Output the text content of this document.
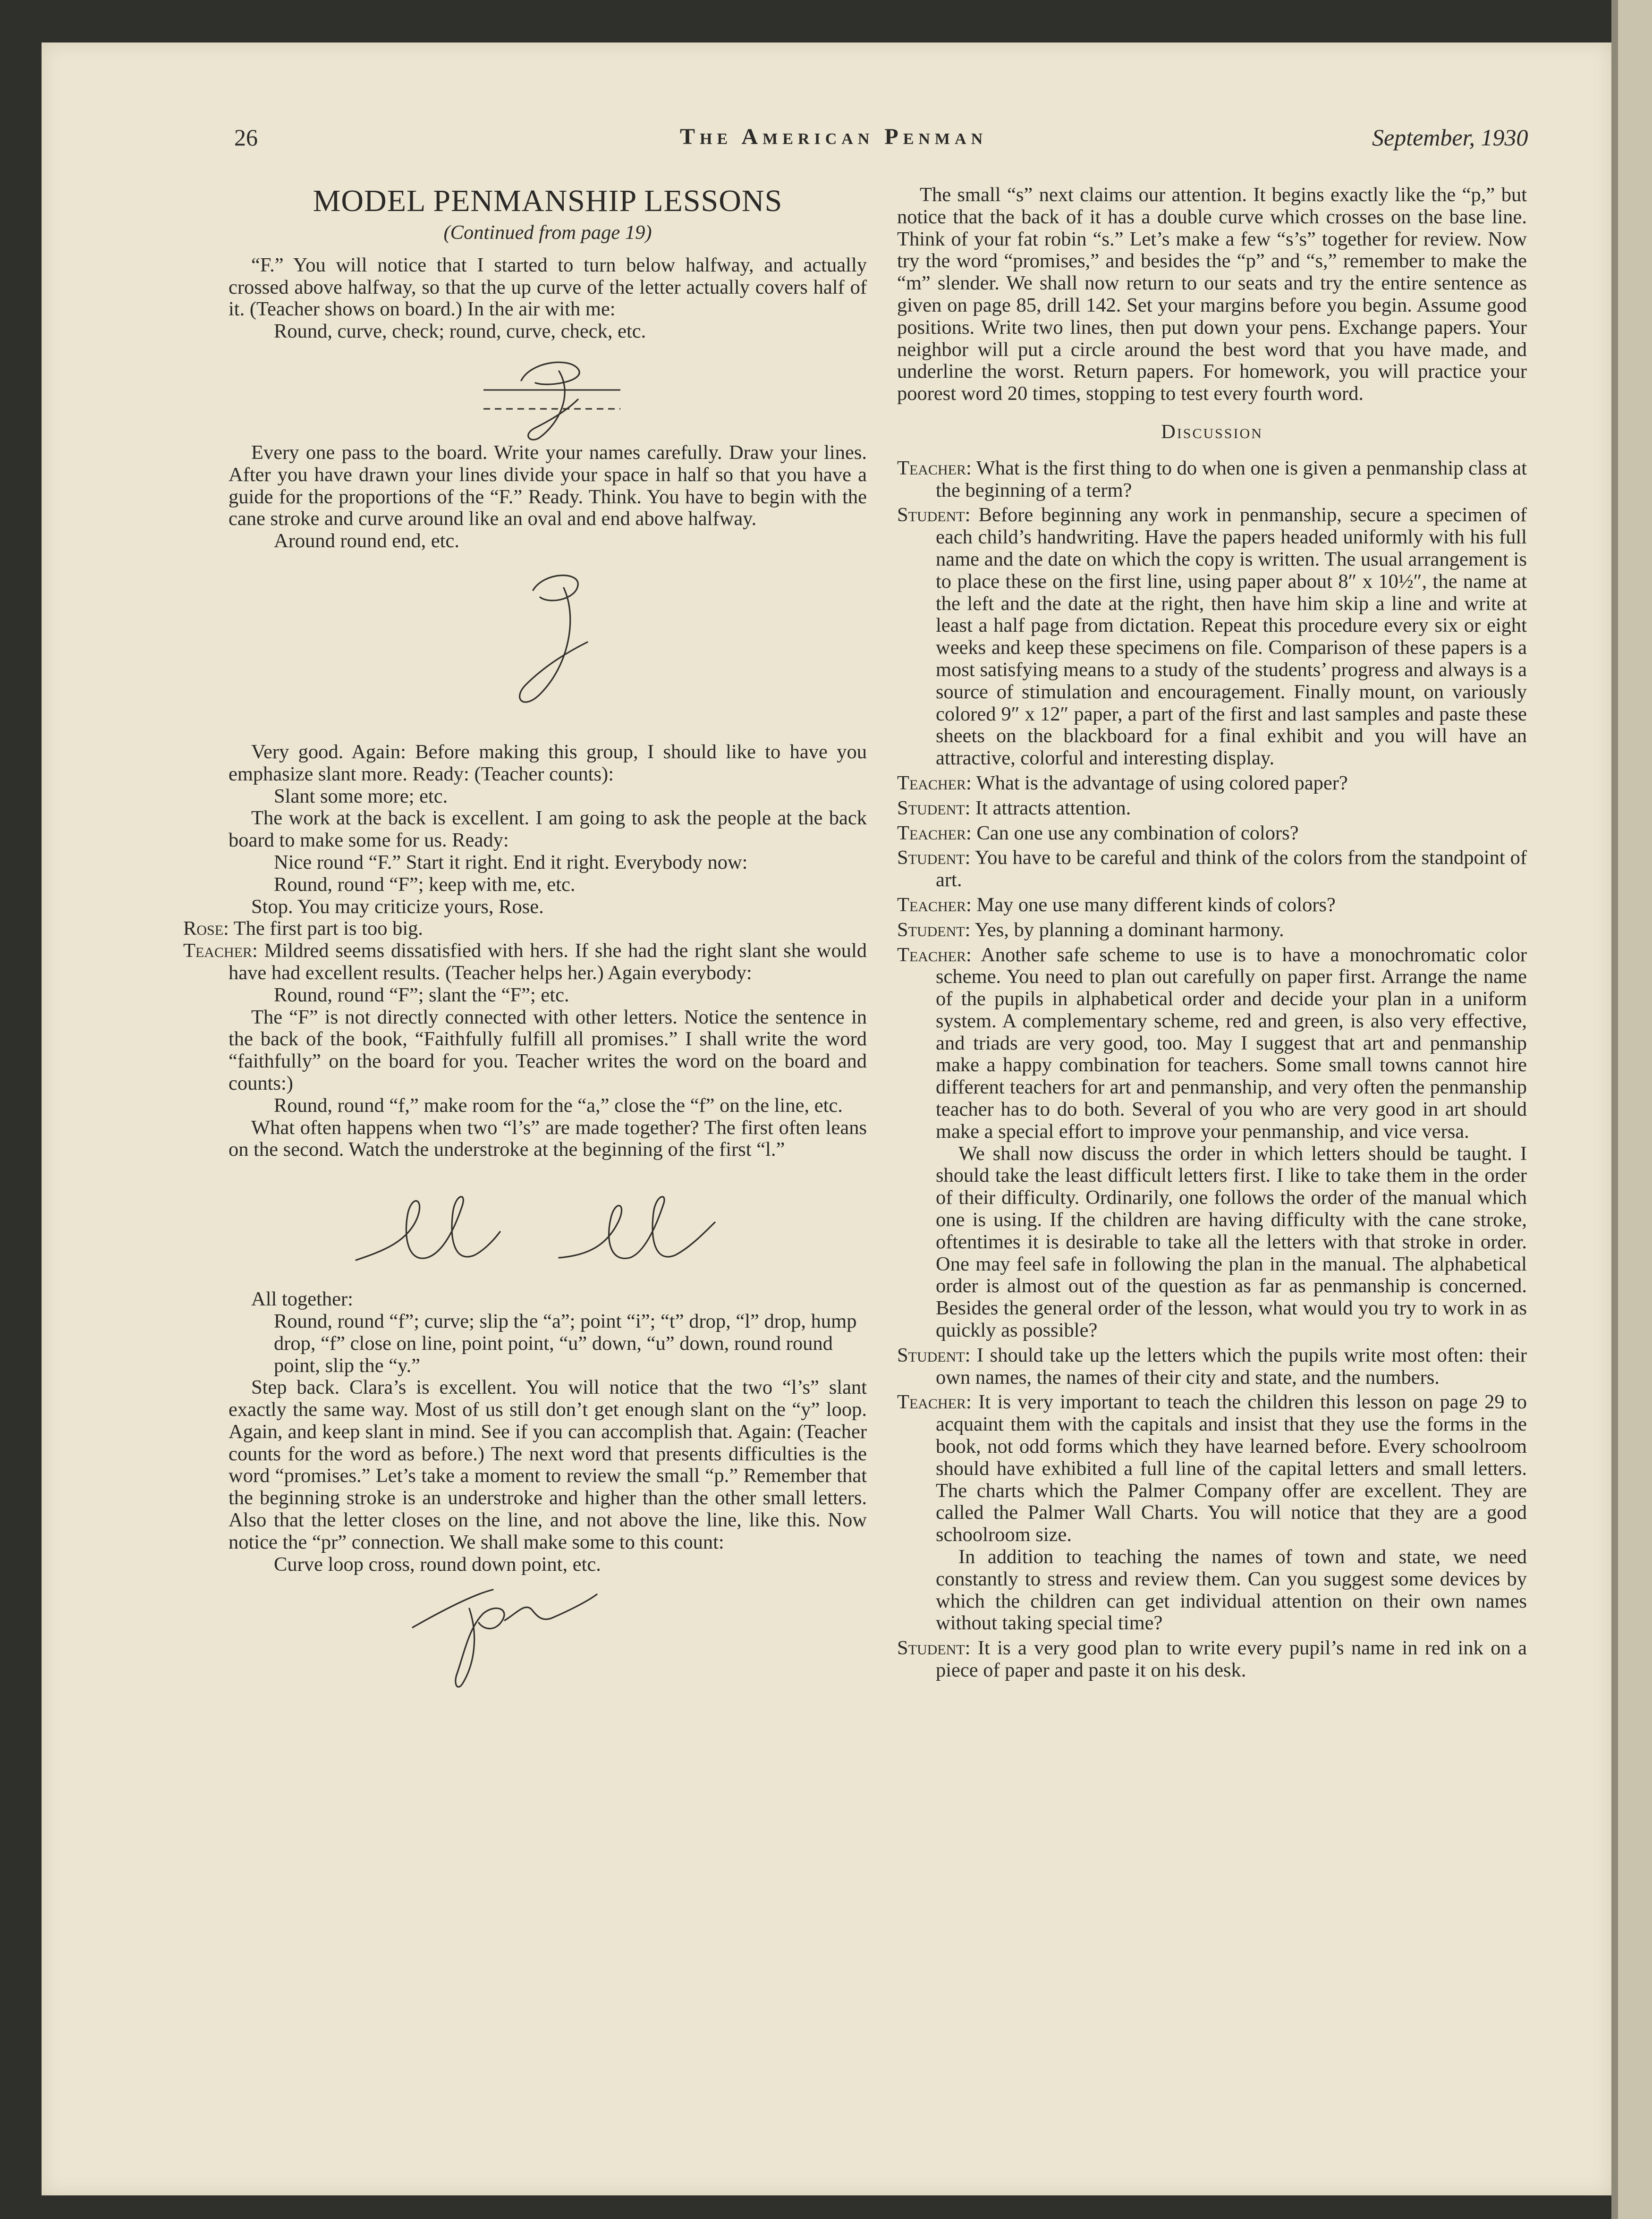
26	The American Penman	September, 1930
MODEL PENMANSHIP LESSONS
(Continued from page 19)

“F.” You will notice that I started to turn below halfway, and actually crossed above halfway, so that the up curve of the letter actually covers half of it. (Teacher shows on board.) In the air with me:

Round, curve, check; round, curve, check, etc.

Every one pass to the board. Write your names carefully. Draw your lines. After you have drawn your lines divide your space in half so that you have a guide for the proportions of the “F.” Ready. Think. You have to begin with the cane stroke and curve around like an oval and end above halfway.

Around round end, etc.

Very good. Again: Before making this group, I should like to have you emphasize slant more. Ready: (Teacher counts):

Slant some more; etc.

The work at the back is excellent. I am going to ask the people at the back board to make some for us. Ready:

Nice round “F.” Start it right. End it right. Everybody now:

Round, round “F”; keep with me, etc.

Stop. You may criticize yours, Rose.

Rose: The first part is too big.

Teacher: Mildred seems dissatisfied with hers. If she had the right slant she would have had excellent results. (Teacher helps her.) Again everybody:

Round, round “F”; slant the “F”; etc.

The “F” is not directly connected with other letters. Notice the sentence in the back of the book, “Faithfully fulfill all promises.” I shall write the word “faithfully” on the board for you. Teacher writes the word on the board and counts:)

Round, round “f,” make room for the “a,” close the “f” on the line, etc.

What often happens when two “l’s” are made together? The first often leans on the second. Watch the understroke at the beginning of the first “l.”

All together:

Round, round “f”; curve; slip the “a”; point “i”; “t” drop, “l” drop, hump drop, “f” close on line, point point, “u” down, “u” down, round round point, slip the “y.”

Step back. Clara’s is excellent. You will notice that the two “l’s” slant exactly the same way. Most of us still don’t get enough slant on the “y” loop. Again, and keep slant in mind. See if you can accomplish that. Again: (Teacher counts for the word as before.) The next word that presents difficulties is the word “promises.” Let’s take a moment to review the small “p.” Remember that the beginning stroke is an understroke and higher than the other small letters. Also that the letter closes on the line, and not above the line, like this. Now notice the “pr” connection. We shall make some to this count:

Curve loop cross, round down point, etc.

The small “s” next claims our attention. It begins exactly like the “p,” but notice that the back of it has a double curve which crosses on the base line. Think of your fat robin “s.” Let’s make a few “s’s” together for review. Now try the word “promises,” and besides the “p” and “s,” remember to make the “m” slender. We shall now return to our seats and try the entire sentence as given on page 85, drill 142. Set your margins before you begin. Assume good positions. Write two lines, then put down your pens. Exchange papers. Your neighbor will put a circle around the best word that you have made, and underline the worst. Return papers. For homework, you will practice your poorest word 20 times, stopping to test every fourth word.

Discussion

Teacher: What is the first thing to do when one is given a penmanship class at the beginning of a term?

Student: Before beginning any work in penmanship, secure a specimen of each child’s handwriting. Have the papers headed uniformly with his full name and the date on which the copy is written. The usual arrangement is to place these on the first line, using paper about 8″ x 10½″, the name at the left and the date at the right, then have him skip a line and write at least a half page from dictation. Repeat this procedure every six or eight weeks and keep these specimens on file. Comparison of these papers is a most satisfying means to a study of the students’ progress and always is a source of stimulation and encouragement. Finally mount, on variously colored 9″ x 12″ paper, a part of the first and last samples and paste these sheets on the blackboard for a final exhibit and you will have an attractive, colorful and interesting display.

Teacher: What is the advantage of using colored paper?

Student: It attracts attention.

Teacher: Can one use any combination of colors?

Student: You have to be careful and think of the colors from the standpoint of art.

Teacher: May one use many different kinds of colors?

Student: Yes, by planning a dominant harmony.

Teacher: Another safe scheme to use is to have a monochromatic color scheme. You need to plan out carefully on paper first. Arrange the name of the pupils in alphabetical order and decide your plan in a uniform system. A complementary scheme, red and green, is also very effective, and triads are very good, too. May I suggest that art and penmanship make a happy combination for teachers. Some small towns cannot hire different teachers for art and penmanship, and very often the penmanship teacher has to do both. Several of you who are very good in art should make a special effort to improve your penmanship, and vice versa.

We shall now discuss the order in which letters should be taught. I should take the least difficult letters first. I like to take them in the order of their difficulty. Ordinarily, one follows the order of the manual which one is using. If the children are having difficulty with the cane stroke, oftentimes it is desirable to take all the letters with that stroke in order. One may feel safe in following the plan in the manual. The alphabetical order is almost out of the question as far as penmanship is concerned. Besides the general order of the lesson, what would you try to work in as quickly as possible?

Student: I should take up the letters which the pupils write most often: their own names, the names of their city and state, and the numbers.

Teacher: It is very important to teach the children this lesson on page 29 to acquaint them with the capitals and insist that they use the forms in the book, not odd forms which they have learned before. Every schoolroom should have exhibited a full line of the capital letters and small letters. The charts which the Palmer Company offer are excellent. They are called the Palmer Wall Charts. You will notice that they are a good schoolroom size.

In addition to teaching the names of town and state, we need constantly to stress and review them. Can you suggest some devices by which the children can get individual attention on their own names without taking special time?

Student: It is a very good plan to write every pupil’s name in red ink on a piece of paper and paste it on his desk.
